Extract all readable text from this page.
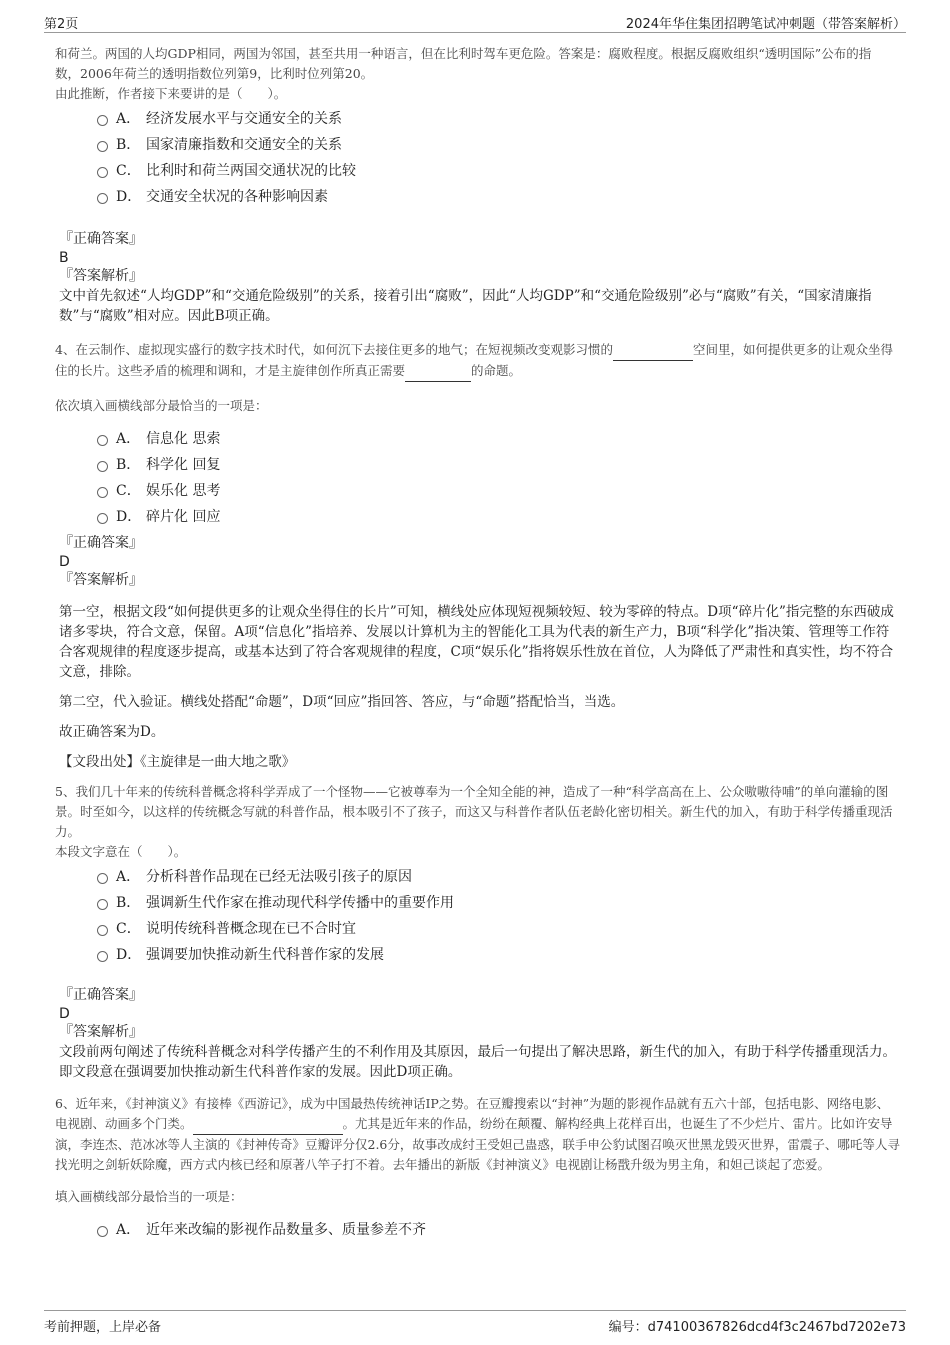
第2页	2024年华住集团招聘笔试冲刺题（带答案解析）

和荷兰。两国的人均GDP相同，两国为邻国，甚至共用一种语言，但在比利时驾车更危险。答案是：腐败程度。根据反腐败组织“透明国际”公布的指数，2006年荷兰的透明指数位列第9，比利时位列第20。

由此推断，作者接下来要讲的是（　　）。

A． 经济发展水平与交通安全的关系
B． 国家清廉指数和交通安全的关系
C． 比利时和荷兰两国交通状况的比较
D． 交通安全状况的各种影响因素

『正确答案』

B

『答案解析』

文中首先叙述“人均GDP”和“交通危险级别”的关系，接着引出“腐败”，因此“人均GDP”和“交通危险级别”必与“腐败”有关，“国家清廉指数”与“腐败”相对应。因此B项正确。

4、在云制作、虚拟现实盛行的数字技术时代，如何沉下去接住更多的地气；在短视频改变观影习惯的	空间里，如何提供更多的让观众坐得住的长片。这些矛盾的梳理和调和，才是主旋律创作所真正需要	的命题。

依次填入画横线部分最恰当的一项是：

A． 信息化 思索
B． 科学化 回复
C． 娱乐化 思考
D． 碎片化 回应

『正确答案』

D

『答案解析』

第一空，根据文段“如何提供更多的让观众坐得住的长片”可知，横线处应体现短视频较短、较为零碎的特点。D项“碎片化”指完整的东西破成诸多零块，符合文意，保留。A项“信息化”指培养、发展以计算机为主的智能化工具为代表的新生产力，B项“科学化”指决策、管理等工作符合客观规律的程度逐步提高，或基本达到了符合客观规律的程度，C项“娱乐化”指将娱乐性放在首位，人为降低了严肃性和真实性，均不符合文意，排除。

第二空，代入验证。横线处搭配“命题”，D项“回应”指回答、答应，与“命题”搭配恰当，当选。

故正确答案为D。

【文段出处】《主旋律是一曲大地之歌》

5、我们几十年来的传统科普概念将科学弄成了一个怪物——它被尊奉为一个全知全能的神，造成了一种“科学高高在上、公众嗷嗷待哺”的单向灌输的图景。时至如今，以这样的传统概念写就的科普作品，根本吸引不了孩子，而这又与科普作者队伍老龄化密切相关。新生代的加入，有助于科学传播重现活力。

本段文字意在（　　）。

A． 分析科普作品现在已经无法吸引孩子的原因
B． 强调新生代作家在推动现代科学传播中的重要作用
C． 说明传统科普概念现在已不合时宜
D． 强调要加快推动新生代科普作家的发展

『正确答案』

D

『答案解析』

文段前两句阐述了传统科普概念对科学传播产生的不利作用及其原因，最后一句提出了解决思路，新生代的加入，有助于科学传播重现活力。即文段意在强调要加快推动新生代科普作家的发展。因此D项正确。

6、近年来，《封神演义》有接棒《西游记》，成为中国最热传统神话IP之势。在豆瓣搜索以“封神”为题的影视作品就有五六十部，包括电影、网络电影、电视剧、动画多个门类。	。尤其是近年来的作品，纷纷在颠覆、解构经典上花样百出，也诞生了不少烂片、雷片。比如许安导演，李连杰、范冰冰等人主演的《封神传奇》豆瓣评分仅2.6分，故事改成纣王受妲己蛊惑，联手申公豹试图召唤灭世黑龙毁灭世界，雷震子、哪吒等人寻找光明之剑斩妖除魔，西方式内核已经和原著八竿子打不着。去年播出的新版《封神演义》电视剧让杨戬升级为男主角，和妲己谈起了恋爱。

填入画横线部分最恰当的一项是：

A． 近年来改编的影视作品数量多、质量参差不齐
考前押题，上岸必备	编号：d74100367826dcd4f3c2467bd7202e73
